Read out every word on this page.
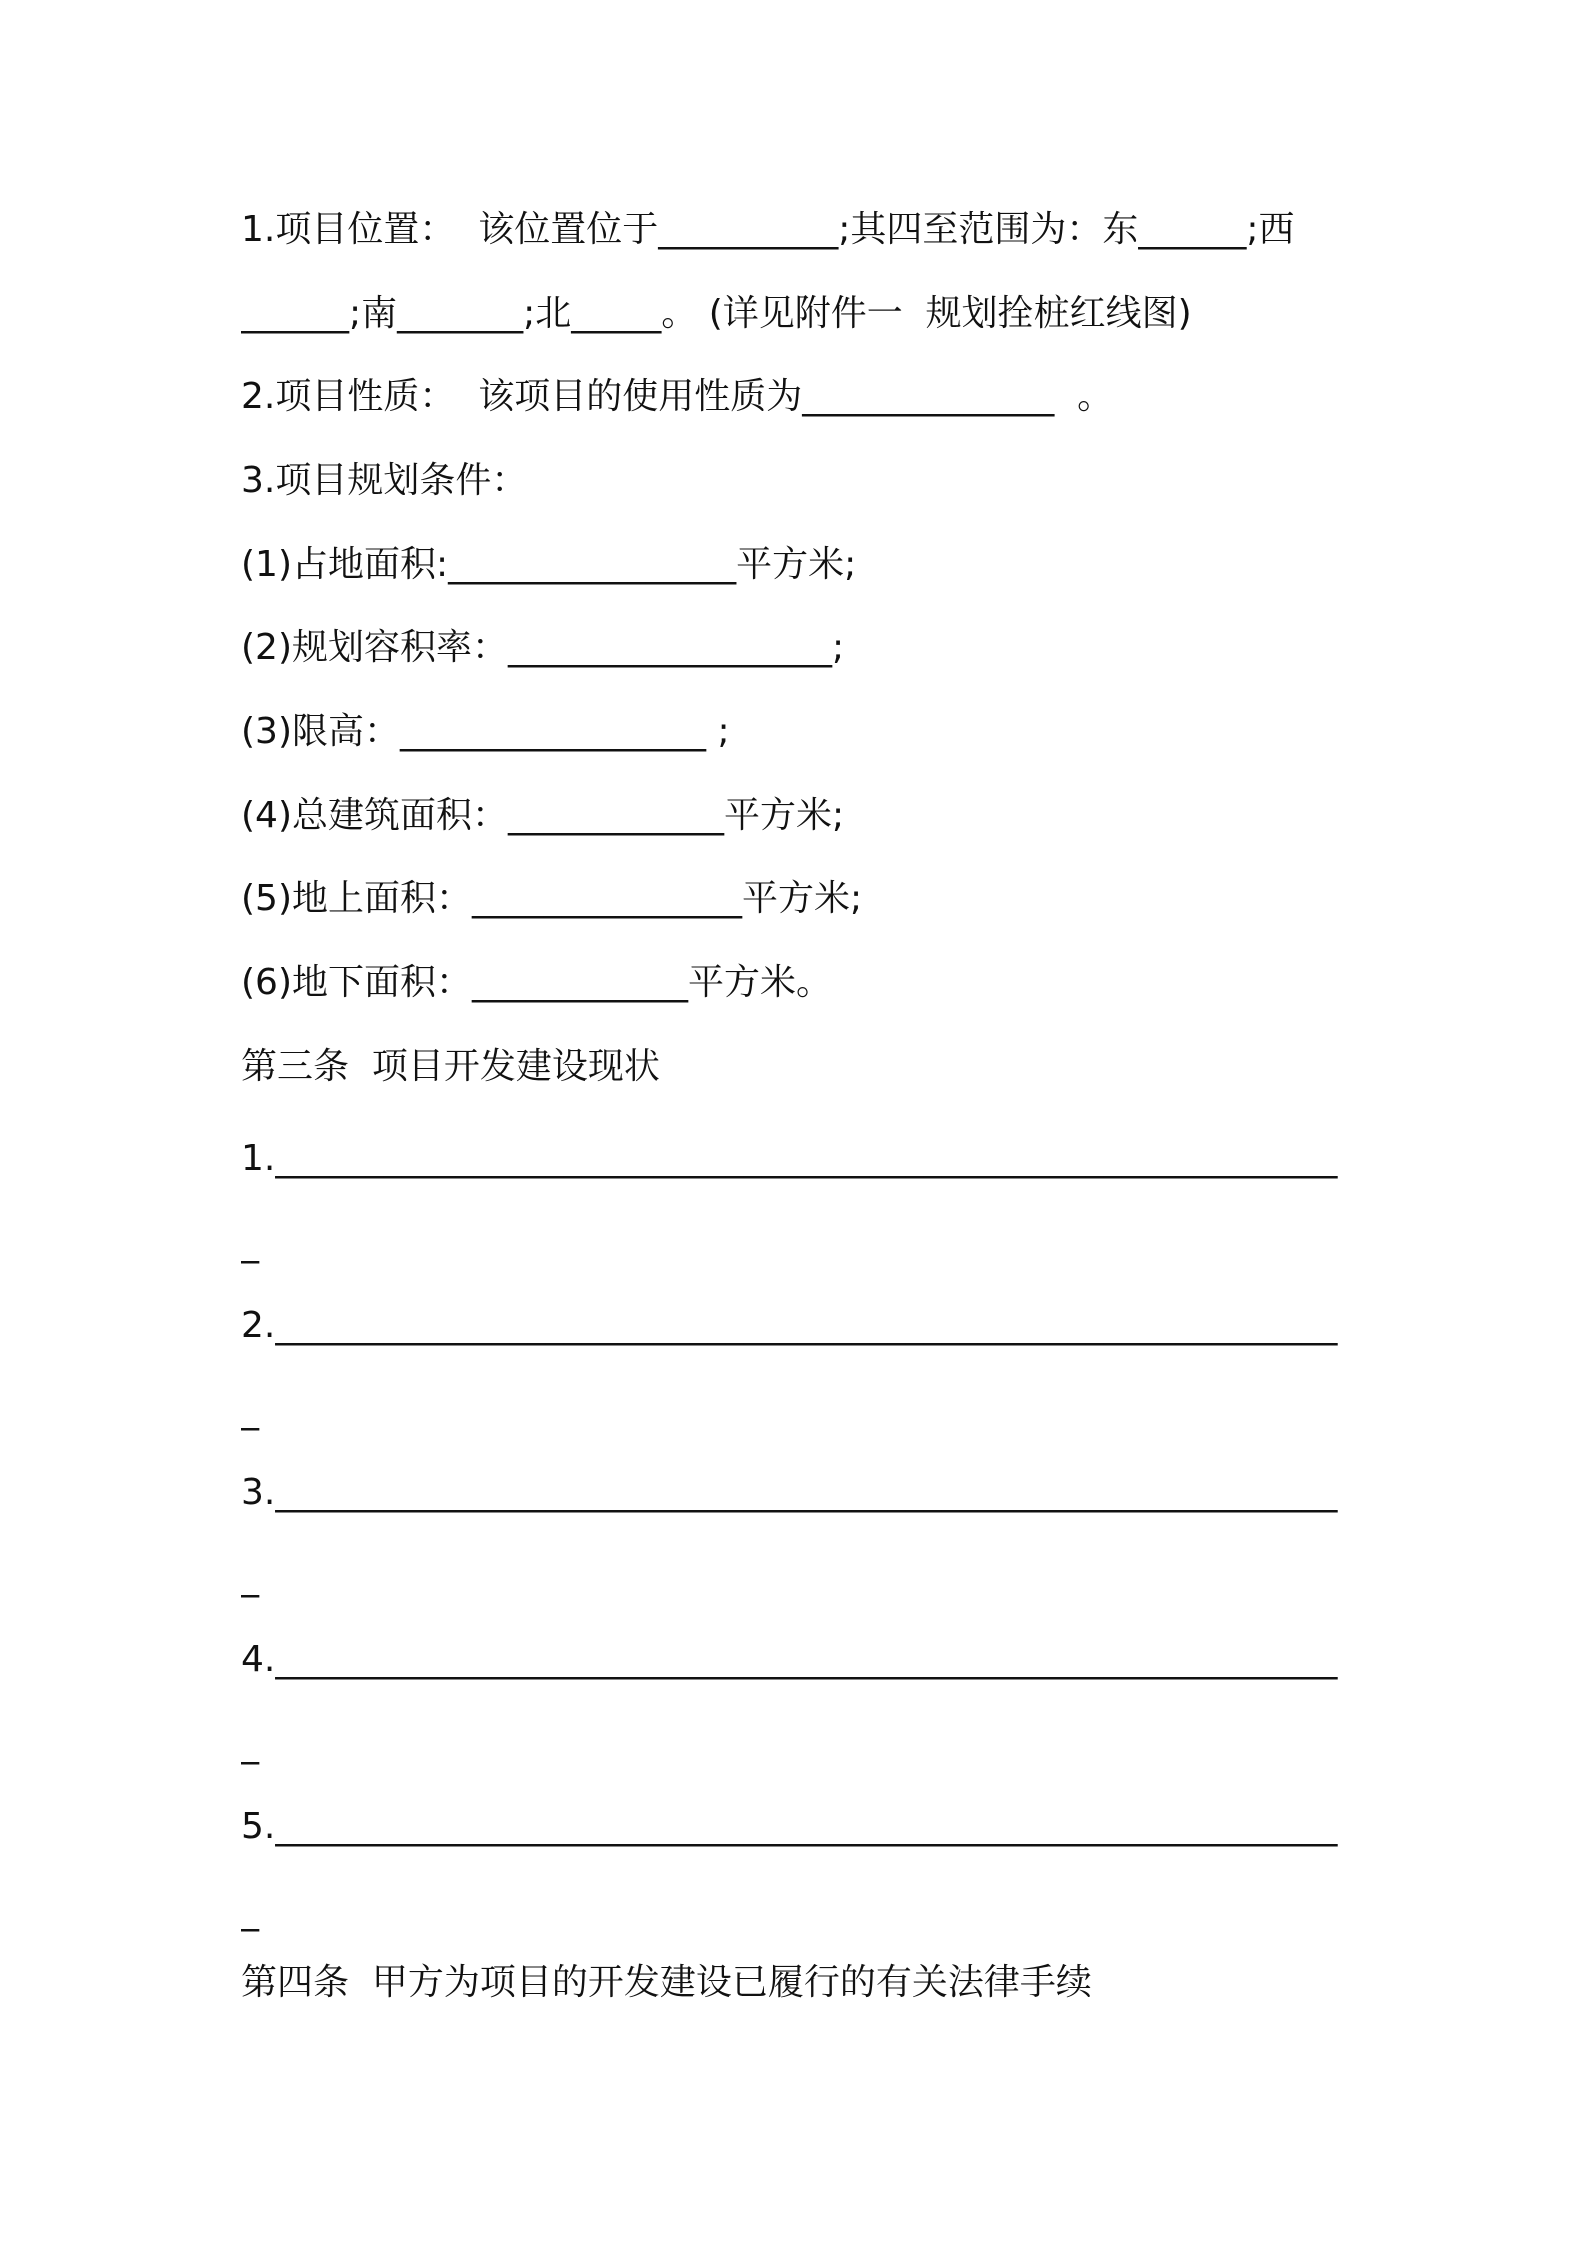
1.项目位置：  该位置位于__________;其四至范围为：东______;西
______;南_______;北_____。 (详见附件一  规划拴桩红线图)
2.项目性质：  该项目的使用性质为______________  。
3.项目规划条件：
(1)占地面积:________________平方米;
(2)规划容积率：__________________;
(3)限高：_________________ ;
(4)总建筑面积：____________平方米;
(5)地上面积：_______________平方米;
(6)地下面积：____________平方米。
第三条  项目开发建设现状
1.___________________________________________________________
_
2.___________________________________________________________
_
3.___________________________________________________________
_
4.___________________________________________________________
_
5.___________________________________________________________
_
第四条  甲方为项目的开发建设已履行的有关法律手续
